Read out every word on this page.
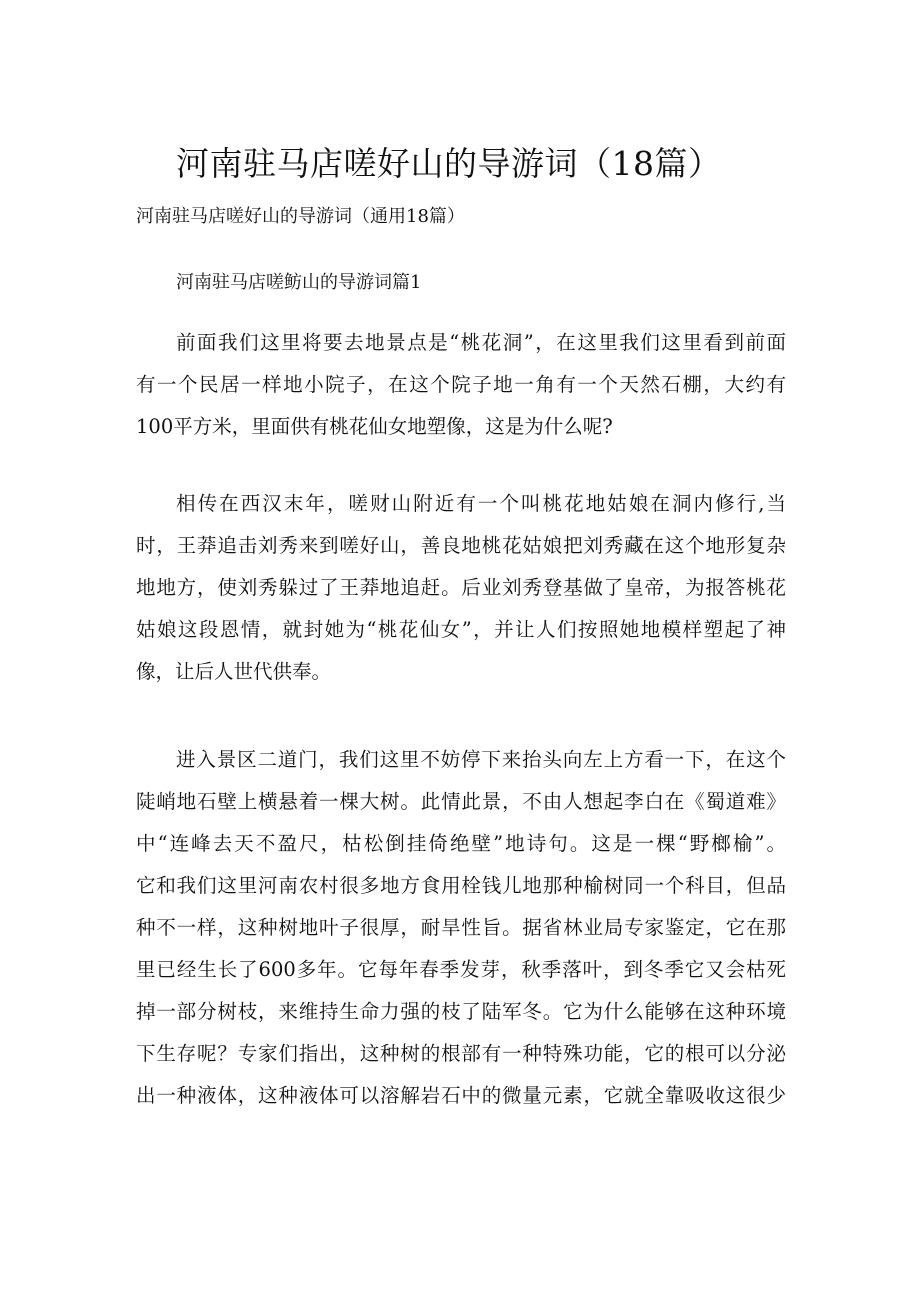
河南驻马店嗟好山的导游词（18篇）

河南驻马店嗟好山的导游词（通用18篇）

河南驻马店嗟鲂山的导游词篇1

前面我们这里将要去地景点是“桃花洞”，在这里我们这里看到前面
有一个民居一样地小院子，在这个院子地一角有一个天然石棚，大约有
100平方米，里面供有桃花仙女地塑像，这是为什么呢?

相传在西汉末年，嗟财山附近有一个叫桃花地姑娘在洞内修行,当
时，王莽追击刘秀来到嗟好山，善良地桃花姑娘把刘秀藏在这个地形复杂
地地方，使刘秀躲过了王莽地追赶。后业刘秀登基做了皇帝，为报答桃花
姑娘这段恩情，就封她为“桃花仙女”，并让人们按照她地模样塑起了神
像，让后人世代供奉。

进入景区二道门，我们这里不妨停下来抬头向左上方看一下，在这个
陡峭地石壁上横悬着一棵大树。此情此景，不由人想起李白在《蜀道难》
中“连峰去天不盈尺，枯松倒挂倚绝壁”地诗句。这是一棵“野榔榆”。
它和我们这里河南农村很多地方食用栓钱儿地那种榆树同一个科目，但品
种不一样，这种树地叶子很厚，耐旱性旨。据省林业局专家鉴定，它在那
里已经生长了600多年。它每年春季发芽，秋季落叶，到冬季它又会枯死
掉一部分树枝，来维持生命力强的枝了陆军冬。它为什么能够在这种环境
下生存呢？专家们指出，这种树的根部有一种特殊功能，它的根可以分泌
出一种液体，这种液体可以溶解岩石中的微量元素，它就全靠吸收这很少
